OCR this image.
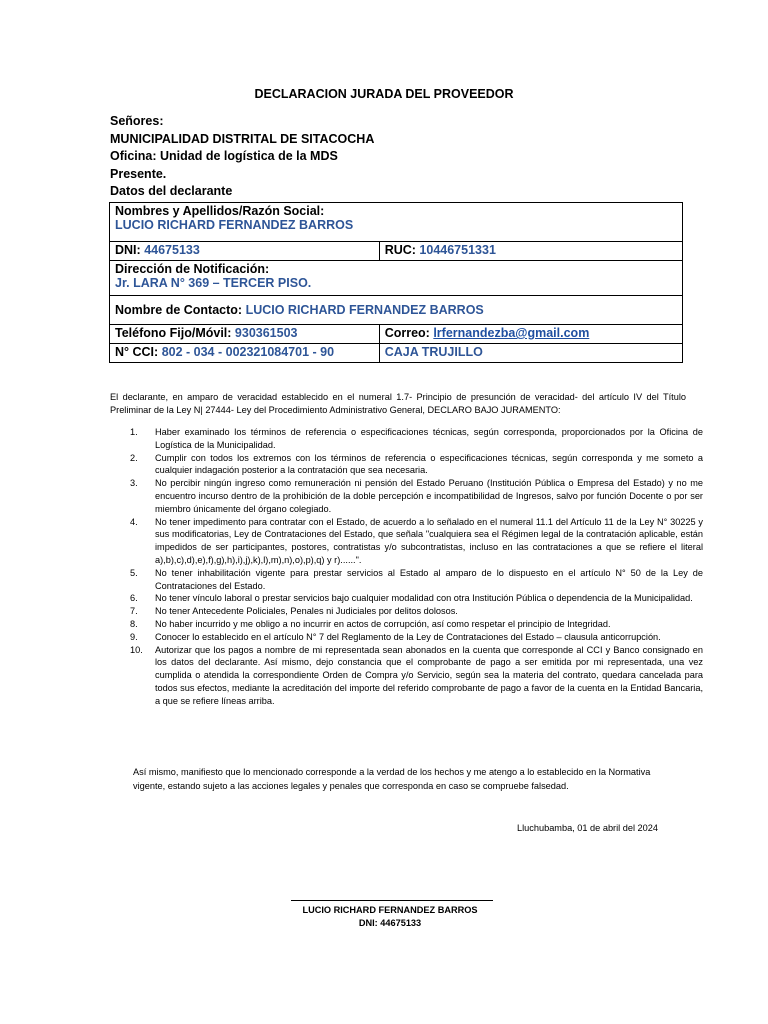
DECLARACION JURADA DEL PROVEEDOR
Señores:
MUNICIPALIDAD DISTRITAL DE SITACOCHA
Oficina: Unidad de logística de la MDS
Presente.
Datos del declarante
Nombres y Apellidos/Razón Social:
LUCIO RICHARD FERNANDEZ BARROS	

DNI: 44675133	RUC: 10446751331

Dirección de Notificación:
Jr. LARA N° 369 – TERCER PISO.	

Nombre de Contacto: LUCIO RICHARD FERNANDEZ BARROS	
Teléfono Fijo/Móvil: 930361503	Correo: lrfernandezba@gmail.com
N° CCI: 802 - 034 - 002321084701 - 90	CAJA TRUJILLO
El declarante, en amparo de veracidad establecido en el numeral 1.7- Principio de presunción de veracidad- del artículo IV del Título Preliminar de la Ley N| 27444- Ley del Procedimiento Administrativo General, DECLARO BAJO JURAMENTO:
1.	Haber examinado los términos de referencia o especificaciones técnicas, según corresponda, proporcionados por la Oficina de Logística de la Municipalidad.
2.	Cumplir con todos los extremos con los términos de referencia o especificaciones técnicas, según corresponda y me someto a cualquier indagación posterior a la contratación que sea necesaria.
3.	No percibir ningún ingreso como remuneración ni pensión del Estado Peruano (Institución Pública o Empresa del Estado) y no me encuentro incurso dentro de la prohibición de la doble percepción e incompatibilidad de Ingresos, salvo por función Docente o por ser miembro únicamente del órgano colegiado.
4.	No tener impedimento para contratar con el Estado, de acuerdo a lo señalado en el numeral 11.1 del Artículo 11 de la Ley N° 30225 y sus modificatorias, Ley de Contrataciones del Estado, que señala "cualquiera sea el Régimen legal de la contratación aplicable, están impedidos de ser participantes, postores, contratistas y/o subcontratistas, incluso en las contrataciones a que se refiere el literal a),b),c),d),e),f),g),h),i),j),k),l),m),n),o),p),q) y r)......".
5.	No tener inhabilitación vigente para prestar servicios al Estado al amparo de lo dispuesto en el artículo N° 50 de la Ley de Contrataciones del Estado.
6.	No tener vínculo laboral o prestar servicios bajo cualquier modalidad con otra Institución Pública o dependencia de la Municipalidad.
7.	No tener Antecedente Policiales, Penales ni Judiciales por delitos dolosos.
8.	No haber incurrido y me obligo a no incurrir en actos de corrupción, así como respetar el principio de Integridad.
9.	Conocer lo establecido en el artículo N° 7 del Reglamento de la Ley de Contrataciones del Estado – clausula anticorrupción.
10.	Autorizar que los pagos a nombre de mi representada sean abonados en la cuenta que corresponde al CCI y Banco consignado en los datos del declarante. Así mismo, dejo constancia que el comprobante de pago a ser emitida por mi representada, una vez cumplida o atendida la correspondiente Orden de Compra y/o Servicio, según sea la materia del contrato, quedara cancelada para todos sus efectos, mediante la acreditación del importe del referido comprobante de pago a favor de la cuenta en la Entidad Bancaria, a que se refiere líneas arriba.
Así mismo, manifiesto que lo mencionado corresponde a la verdad de los hechos y me atengo a lo establecido en la Normativa vigente, estando sujeto a las acciones legales y penales que corresponda en caso se compruebe falsedad.
Lluchubamba, 01 de abril del 2024
LUCIO RICHARD FERNANDEZ BARROS
DNI: 44675133
